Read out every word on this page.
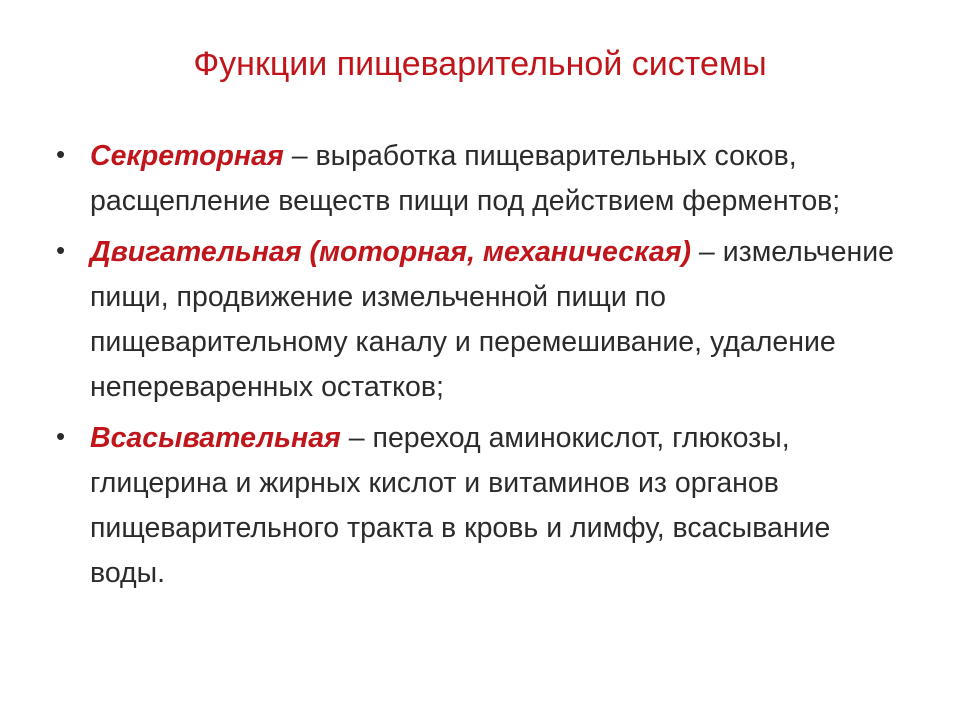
Функции пищеварительной системы
• Секреторная – выработка пищеварительных соков, расщепление веществ пищи под действием ферментов;
• Двигательная (моторная, механическая) – измельчение пищи, продвижение измельченной пищи по пищеварительному каналу и перемешивание, удаление непереваренных остатков;
• Всасывательная – переход аминокислот, глюкозы, глицерина и жирных кислот и витаминов из органов пищеварительного тракта в кровь и лимфу, всасывание воды.
